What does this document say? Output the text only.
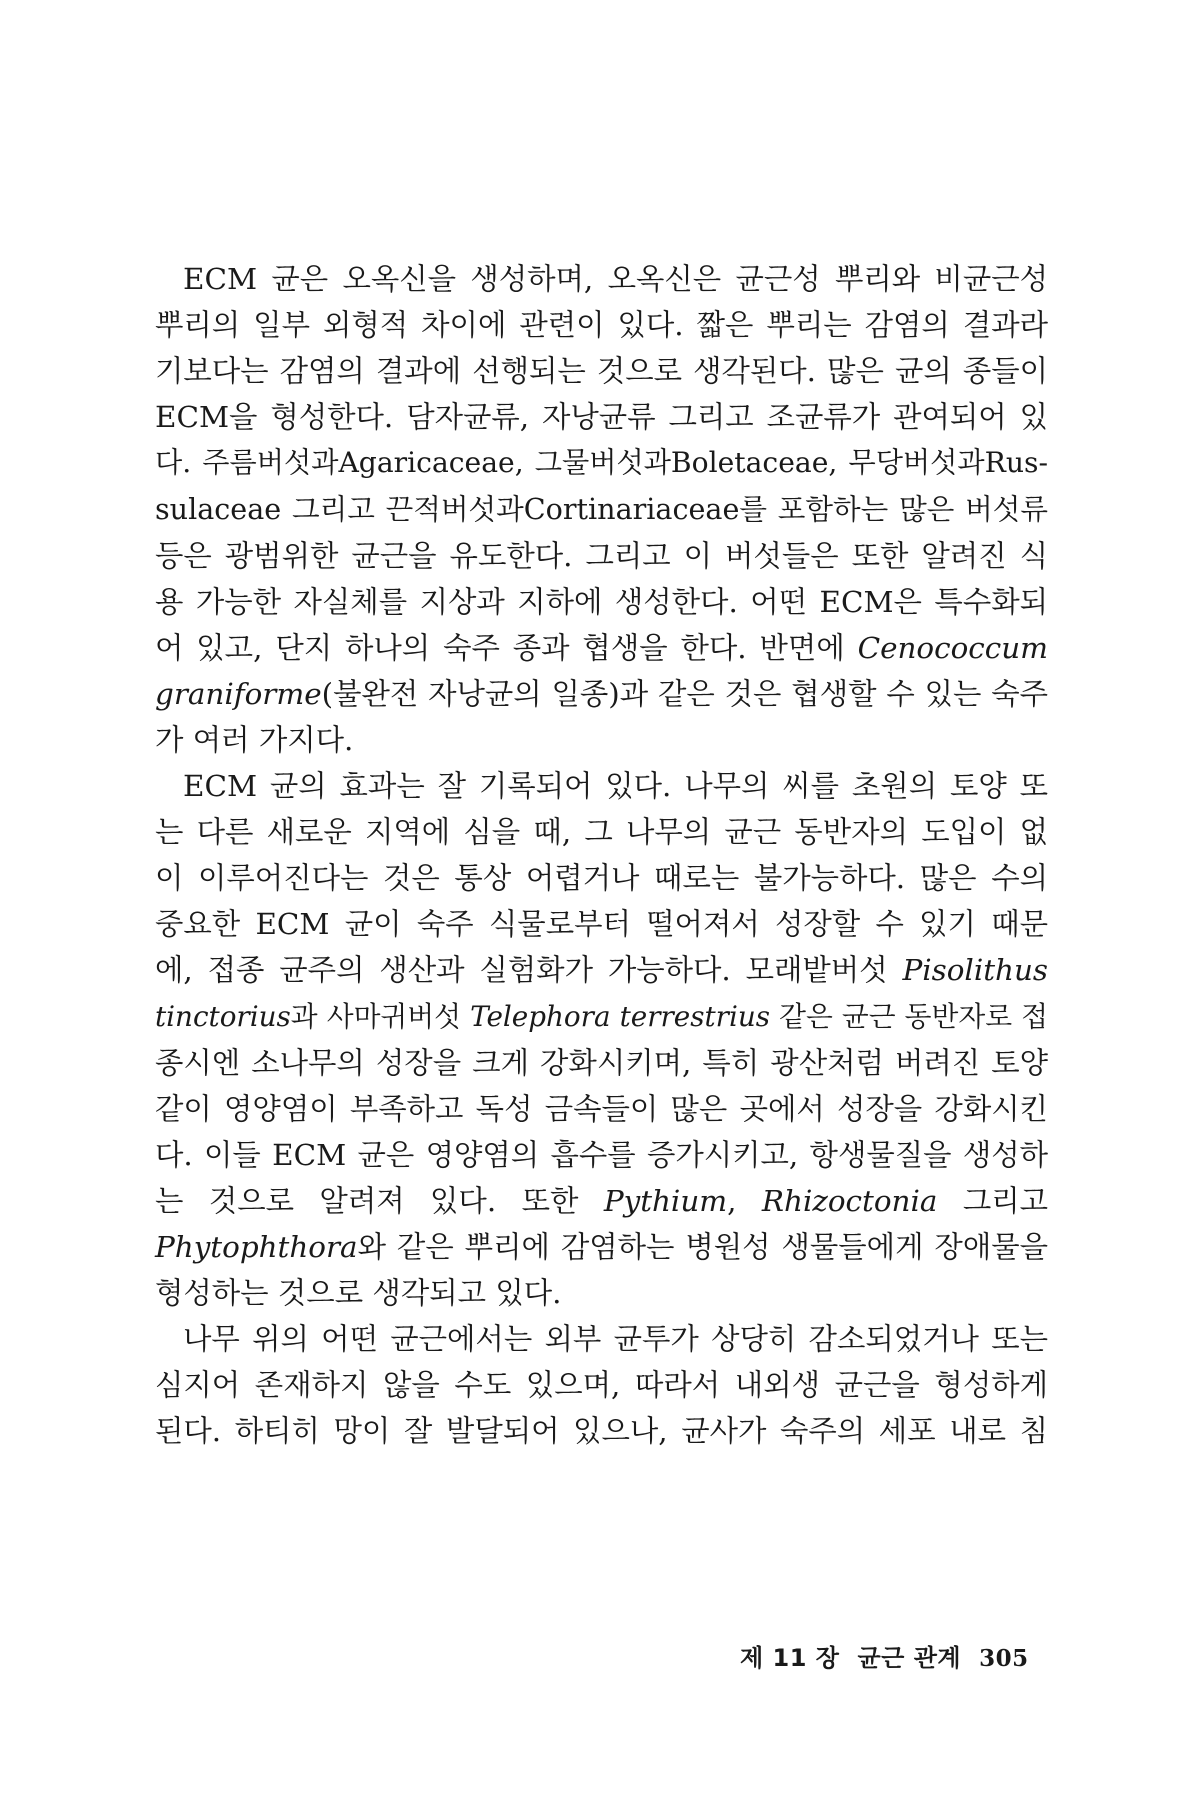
ECM 균은 오옥신을 생성하며, 오옥신은 균근성 뿌리와 비균근성
뿌리의 일부 외형적 차이에 관련이 있다. 짧은 뿌리는 감염의 결과라
기보다는 감염의 결과에 선행되는 것으로 생각된다. 많은 균의 종들이
ECM을 형성한다. 담자균류, 자낭균류 그리고 조균류가 관여되어 있
다. 주름버섯과Agaricaceae, 그물버섯과Boletaceae, 무당버섯과Rus-
sulaceae 그리고 끈적버섯과Cortinariaceae를 포함하는 많은 버섯류
등은 광범위한 균근을 유도한다. 그리고 이 버섯들은 또한 알려진 식
용 가능한 자실체를 지상과 지하에 생성한다. 어떤 ECM은 특수화되
어 있고, 단지 하나의 숙주 종과 협생을 한다. 반면에 Cenococcum
graniforme(불완전 자낭균의 일종)과 같은 것은 협생할 수 있는 숙주
가 여러 가지다.

ECM 균의 효과는 잘 기록되어 있다. 나무의 씨를 초원의 토양 또
는 다른 새로운 지역에 심을 때, 그 나무의 균근 동반자의 도입이 없
이 이루어진다는 것은 통상 어렵거나 때로는 불가능하다. 많은 수의
중요한 ECM 균이 숙주 식물로부터 떨어져서 성장할 수 있기 때문
에, 접종 균주의 생산과 실험화가 가능하다. 모래밭버섯 Pisolithus
tinctorius과 사마귀버섯 Telephora terrestrius 같은 균근 동반자로 접
종시엔 소나무의 성장을 크게 강화시키며, 특히 광산처럼 버려진 토양
같이 영양염이 부족하고 독성 금속들이 많은 곳에서 성장을 강화시킨
다. 이들 ECM 균은 영양염의 흡수를 증가시키고, 항생물질을 생성하
는 것으로 알려져 있다. 또한 Pythium, Rhizoctonia 그리고
Phytophthora와 같은 뿌리에 감염하는 병원성 생물들에게 장애물을
형성하는 것으로 생각되고 있다.

나무 위의 어떤 균근에서는 외부 균투가 상당히 감소되었거나 또는
심지어 존재하지 않을 수도 있으며, 따라서 내외생 균근을 형성하게
된다. 하티히 망이 잘 발달되어 있으나, 균사가 숙주의 세포 내로 침

제 11 장 균근 관계 305
